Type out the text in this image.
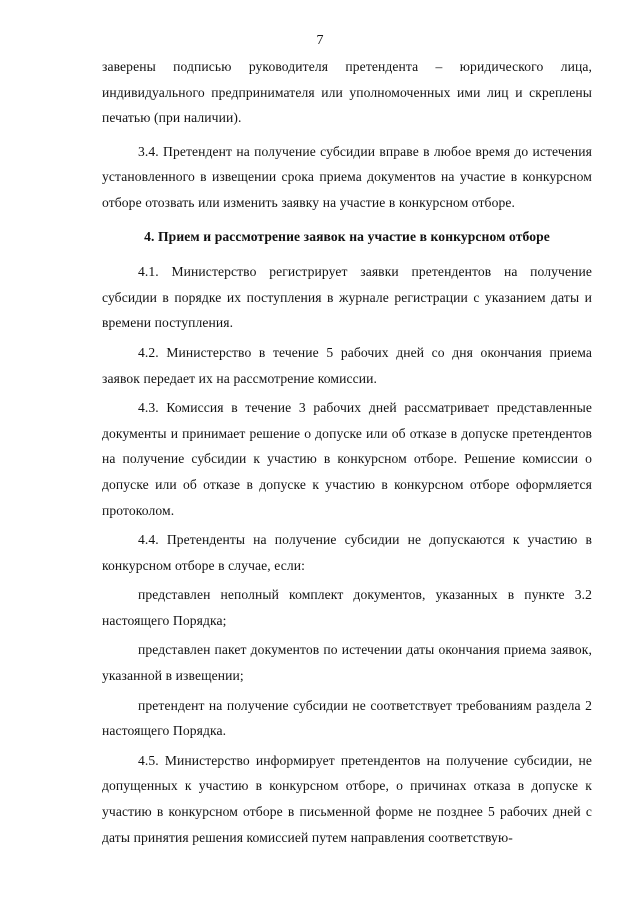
7

заверены подписью руководителя претендента – юридического лица, индивидуального предпринимателя или уполномоченных ими лиц и скреплены печатью (при наличии).

3.4. Претендент на получение субсидии вправе в любое время до истечения установленного в извещении срока приема документов на участие в конкурсном отборе отозвать или изменить заявку на участие в конкурсном отборе.

4. Прием и рассмотрение заявок на участие в конкурсном отборе

4.1. Министерство регистрирует заявки претендентов на получение субсидии в порядке их поступления в журнале регистрации с указанием даты и времени поступления.

4.2. Министерство в течение 5 рабочих дней со дня окончания приема заявок передает их на рассмотрение комиссии.

4.3. Комиссия в течение 3 рабочих дней рассматривает представленные документы и принимает решение о допуске или об отказе в допуске претендентов на получение субсидии к участию в конкурсном отборе. Решение комиссии о допуске или об отказе в допуске к участию в конкурсном отборе оформляется протоколом.

4.4. Претенденты на получение субсидии не допускаются к участию в конкурсном отборе в случае, если:

представлен неполный комплект документов, указанных в пункте 3.2 настоящего Порядка;

представлен пакет документов по истечении даты окончания приема заявок, указанной в извещении;

претендент на получение субсидии не соответствует требованиям раздела 2 настоящего Порядка.

4.5. Министерство информирует претендентов на получение субсидии, не допущенных к участию в конкурсном отборе, о причинах отказа в допуске к участию в конкурсном отборе в письменной форме не позднее 5 рабочих дней с даты принятия решения комиссией путем направления соответствую-
